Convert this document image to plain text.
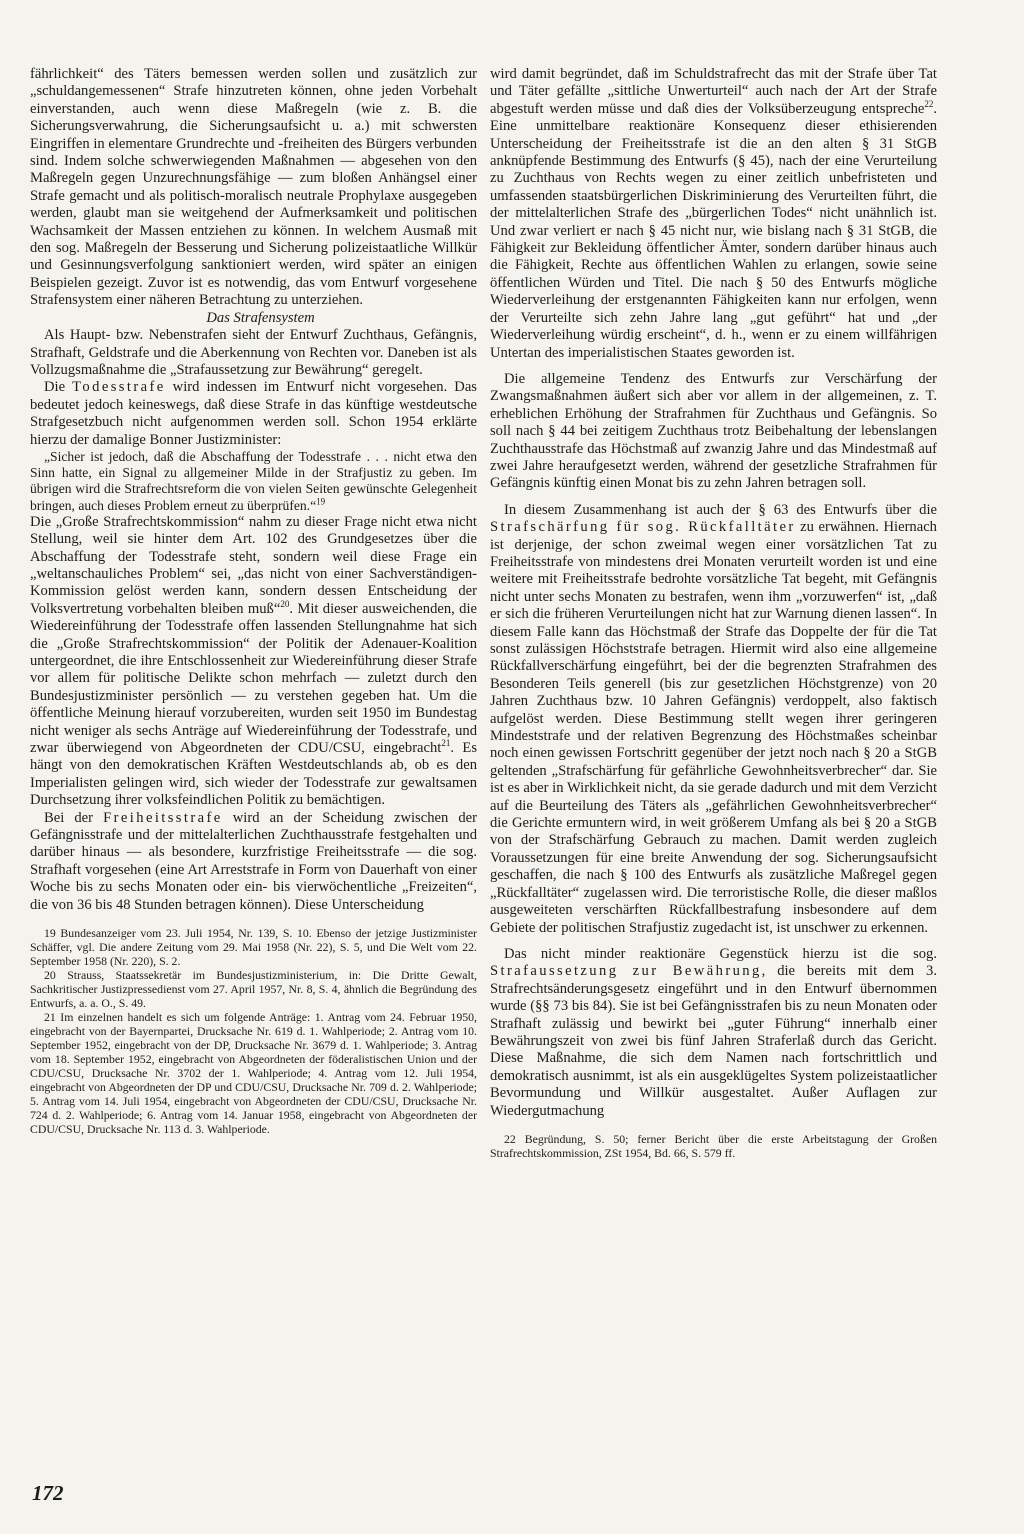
fährlichkeit“ des Täters bemessen werden sollen und zusätzlich zur „schuldangemessenen“ Strafe hinzutreten können, ohne jeden Vorbehalt einverstanden, auch wenn diese Maßregeln (wie z. B. die Sicherungsverwahrung, die Sicherungsaufsicht u. a.) mit schwersten Eingriffen in elementare Grundrechte und -freiheiten des Bürgers verbunden sind. Indem solche schwerwiegenden Maßnahmen — abgesehen von den Maßregeln gegen Unzurechnungsfähige — zum bloßen Anhängsel einer Strafe gemacht und als politisch-moralisch neutrale Prophylaxe ausgegeben werden, glaubt man sie weitgehend der Aufmerksamkeit und politischen Wachsamkeit der Massen entziehen zu können. In welchem Ausmaß mit den sog. Maßregeln der Besserung und Sicherung polizeistaatliche Willkür und Gesinnungsverfolgung sanktioniert werden, wird später an einigen Beispielen gezeigt. Zuvor ist es notwendig, das vom Entwurf vorgesehene Strafensystem einer näheren Betrachtung zu unterziehen.

Das Strafensystem

Als Haupt- bzw. Nebenstrafen sieht der Entwurf Zuchthaus, Gefängnis, Strafhaft, Geldstrafe und die Aberkennung von Rechten vor. Daneben ist als Vollzugsmaßnahme die „Strafaussetzung zur Bewährung“ geregelt.

Die Todesstrafe wird indessen im Entwurf nicht vorgesehen. Das bedeutet jedoch keineswegs, daß diese Strafe in das künftige westdeutsche Strafgesetzbuch nicht aufgenommen werden soll. Schon 1954 erklärte hierzu der damalige Bonner Justizminister:

„Sicher ist jedoch, daß die Abschaffung der Todesstrafe . . . nicht etwa den Sinn hatte, ein Signal zu allgemeiner Milde in der Strafjustiz zu geben. Im übrigen wird die Strafrechtsreform die von vielen Seiten gewünschte Gelegenheit bringen, auch dieses Problem erneut zu überprüfen.“$^{19}$

Die „Große Strafrechtskommission“ nahm zu dieser Frage nicht etwa nicht Stellung, weil sie hinter dem Art. 102 des Grundgesetzes über die Abschaffung der Todesstrafe steht, sondern weil diese Frage ein „weltanschauliches Problem“ sei, „das nicht von einer Sachverständigen-Kommission gelöst werden kann, sondern dessen Entscheidung der Volksvertretung vorbehalten bleiben muß“$^{20}$. Mit dieser ausweichenden, die Wiedereinführung der Todesstrafe offen lassenden Stellungnahme hat sich die „Große Strafrechtskommission“ der Politik der Adenauer-Koalition untergeordnet, die ihre Entschlossenheit zur Wiedereinführung dieser Strafe vor allem für politische Delikte schon mehrfach — zuletzt durch den Bundesjustizminister persönlich — zu verstehen gegeben hat. Um die öffentliche Meinung hierauf vorzubereiten, wurden seit 1950 im Bundestag nicht weniger als sechs Anträge auf Wiedereinführung der Todesstrafe, und zwar überwiegend von Abgeordneten der CDU/CSU, eingebracht$^{21}$. Es hängt von den demokratischen Kräften Westdeutschlands ab, ob es den Imperialisten gelingen wird, sich wieder der Todesstrafe zur gewaltsamen Durchsetzung ihrer volksfeindlichen Politik zu bemächtigen.

Bei der Freiheitsstrafe wird an der Scheidung zwischen der Gefängnisstrafe und der mittelalterlichen Zuchthausstrafe festgehalten und darüber hinaus — als besondere, kurzfristige Freiheitsstrafe — die sog. Strafhaft vorgesehen (eine Art Arreststrafe in Form von Dauerhaft von einer Woche bis zu sechs Monaten oder ein- bis vierwöchentliche „Freizeiten“, die von 36 bis 48 Stunden betragen können). Diese Unterscheidung

19 Bundesanzeiger vom 23. Juli 1954, Nr. 139, S. 10. Ebenso der jetzige Justizminister Schäffer, vgl. Die andere Zeitung vom 29. Mai 1958 (Nr. 22), S. 5, und Die Welt vom 22. September 1958 (Nr. 220), S. 2.

20 Strauss, Staatssekretär im Bundesjustizministerium, in: Die Dritte Gewalt, Sachkritischer Justizpressedienst vom 27. April 1957, Nr. 8, S. 4, ähnlich die Begründung des Entwurfs, a. a. O., S. 49.

21 Im einzelnen handelt es sich um folgende Anträge: 1. Antrag vom 24. Februar 1950, eingebracht von der Bayernpartei, Drucksache Nr. 619 d. 1. Wahlperiode; 2. Antrag vom 10. September 1952, eingebracht von der DP, Drucksache Nr. 3679 d. 1. Wahlperiode; 3. Antrag vom 18. September 1952, eingebracht von Abgeordneten der föderalistischen Union und der CDU/CSU, Drucksache Nr. 3702 der 1. Wahlperiode; 4. Antrag vom 12. Juli 1954, eingebracht von Abgeordneten der DP und CDU/CSU, Drucksache Nr. 709 d. 2. Wahlperiode; 5. Antrag vom 14. Juli 1954, eingebracht von Abgeordneten der CDU/CSU, Drucksache Nr. 724 d. 2. Wahlperiode; 6. Antrag vom 14. Januar 1958, eingebracht von Abgeordneten der CDU/CSU, Drucksache Nr. 113 d. 3. Wahlperiode.

wird damit begründet, daß im Schuldstrafrecht das mit der Strafe über Tat und Täter gefällte „sittliche Unwerturteil“ auch nach der Art der Strafe abgestuft werden müsse und daß dies der Volksüberzeugung entspreche$^{22}$. Eine unmittelbare reaktionäre Konsequenz dieser ethisierenden Unterscheidung der Freiheitsstrafe ist die an den alten § 31 StGB anknüpfende Bestimmung des Entwurfs (§ 45), nach der eine Verurteilung zu Zuchthaus von Rechts wegen zu einer zeitlich unbefristeten und umfassenden staatsbürgerlichen Diskriminierung des Verurteilten führt, die der mittelalterlichen Strafe des „bürgerlichen Todes“ nicht unähnlich ist. Und zwar verliert er nach § 45 nicht nur, wie bislang nach § 31 StGB, die Fähigkeit zur Bekleidung öffentlicher Ämter, sondern darüber hinaus auch die Fähigkeit, Rechte aus öffentlichen Wahlen zu erlangen, sowie seine öffentlichen Würden und Titel. Die nach § 50 des Entwurfs mögliche Wiederverleihung der erstgenannten Fähigkeiten kann nur erfolgen, wenn der Verurteilte sich zehn Jahre lang „gut geführt“ hat und „der Wiederverleihung würdig erscheint“, d. h., wenn er zu einem willfährigen Untertan des imperialistischen Staates geworden ist.

Die allgemeine Tendenz des Entwurfs zur Verschärfung der Zwangsmaßnahmen äußert sich aber vor allem in der allgemeinen, z. T. erheblichen Erhöhung der Strafrahmen für Zuchthaus und Gefängnis. So soll nach § 44 bei zeitigem Zuchthaus trotz Beibehaltung der lebenslangen Zuchthausstrafe das Höchstmaß auf zwanzig Jahre und das Mindestmaß auf zwei Jahre heraufgesetzt werden, während der gesetzliche Strafrahmen für Gefängnis künftig einen Monat bis zu zehn Jahren betragen soll.

In diesem Zusammenhang ist auch der § 63 des Entwurfs über die Strafschärfung für sog. Rückfalltäter zu erwähnen. Hiernach ist derjenige, der schon zweimal wegen einer vorsätzlichen Tat zu Freiheitsstrafe von mindestens drei Monaten verurteilt worden ist und eine weitere mit Freiheitsstrafe bedrohte vorsätzliche Tat begeht, mit Gefängnis nicht unter sechs Monaten zu bestrafen, wenn ihm „vorzuwerfen“ ist, „daß er sich die früheren Verurteilungen nicht hat zur Warnung dienen lassen“. In diesem Falle kann das Höchstmaß der Strafe das Doppelte der für die Tat sonst zulässigen Höchststrafe betragen. Hiermit wird also eine allgemeine Rückfallverschärfung eingeführt, bei der die begrenzten Strafrahmen des Besonderen Teils generell (bis zur gesetzlichen Höchstgrenze) von 20 Jahren Zuchthaus bzw. 10 Jahren Gefängnis) verdoppelt, also faktisch aufgelöst werden. Diese Bestimmung stellt wegen ihrer geringeren Mindeststrafe und der relativen Begrenzung des Höchstmaßes scheinbar noch einen gewissen Fortschritt gegenüber der jetzt noch nach § 20 a StGB geltenden „Strafschärfung für gefährliche Gewohnheitsverbrecher“ dar. Sie ist es aber in Wirklichkeit nicht, da sie gerade dadurch und mit dem Verzicht auf die Beurteilung des Täters als „gefährlichen Gewohnheitsverbrecher“ die Gerichte ermuntern wird, in weit größerem Umfang als bei § 20 a StGB von der Strafschärfung Gebrauch zu machen. Damit werden zugleich Voraussetzungen für eine breite Anwendung der sog. Sicherungsaufsicht geschaffen, die nach § 100 des Entwurfs als zusätzliche Maßregel gegen „Rückfalltäter“ zugelassen wird. Die terroristische Rolle, die dieser maßlos ausgeweiteten verschärften Rückfallbestrafung insbesondere auf dem Gebiete der politischen Strafjustiz zugedacht ist, ist unschwer zu erkennen.

Das nicht minder reaktionäre Gegenstück hierzu ist die sog. Strafaussetzung zur Bewährung, die bereits mit dem 3. Strafrechtsänderungsgesetz eingeführt und in den Entwurf übernommen wurde (§§ 73 bis 84). Sie ist bei Gefängnisstrafen bis zu neun Monaten oder Strafhaft zulässig und bewirkt bei „guter Führung“ innerhalb einer Bewährungszeit von zwei bis fünf Jahren Straferlaß durch das Gericht. Diese Maßnahme, die sich dem Namen nach fortschrittlich und demokratisch ausnimmt, ist als ein ausgeklügeltes System polizeistaatlicher Bevormundung und Willkür ausgestaltet. Außer Auflagen zur Wiedergutmachung

22 Begründung, S. 50; ferner Bericht über die erste Arbeitstagung der Großen Strafrechtskommission, ZSt 1954, Bd. 66, S. 579 ff.

172
